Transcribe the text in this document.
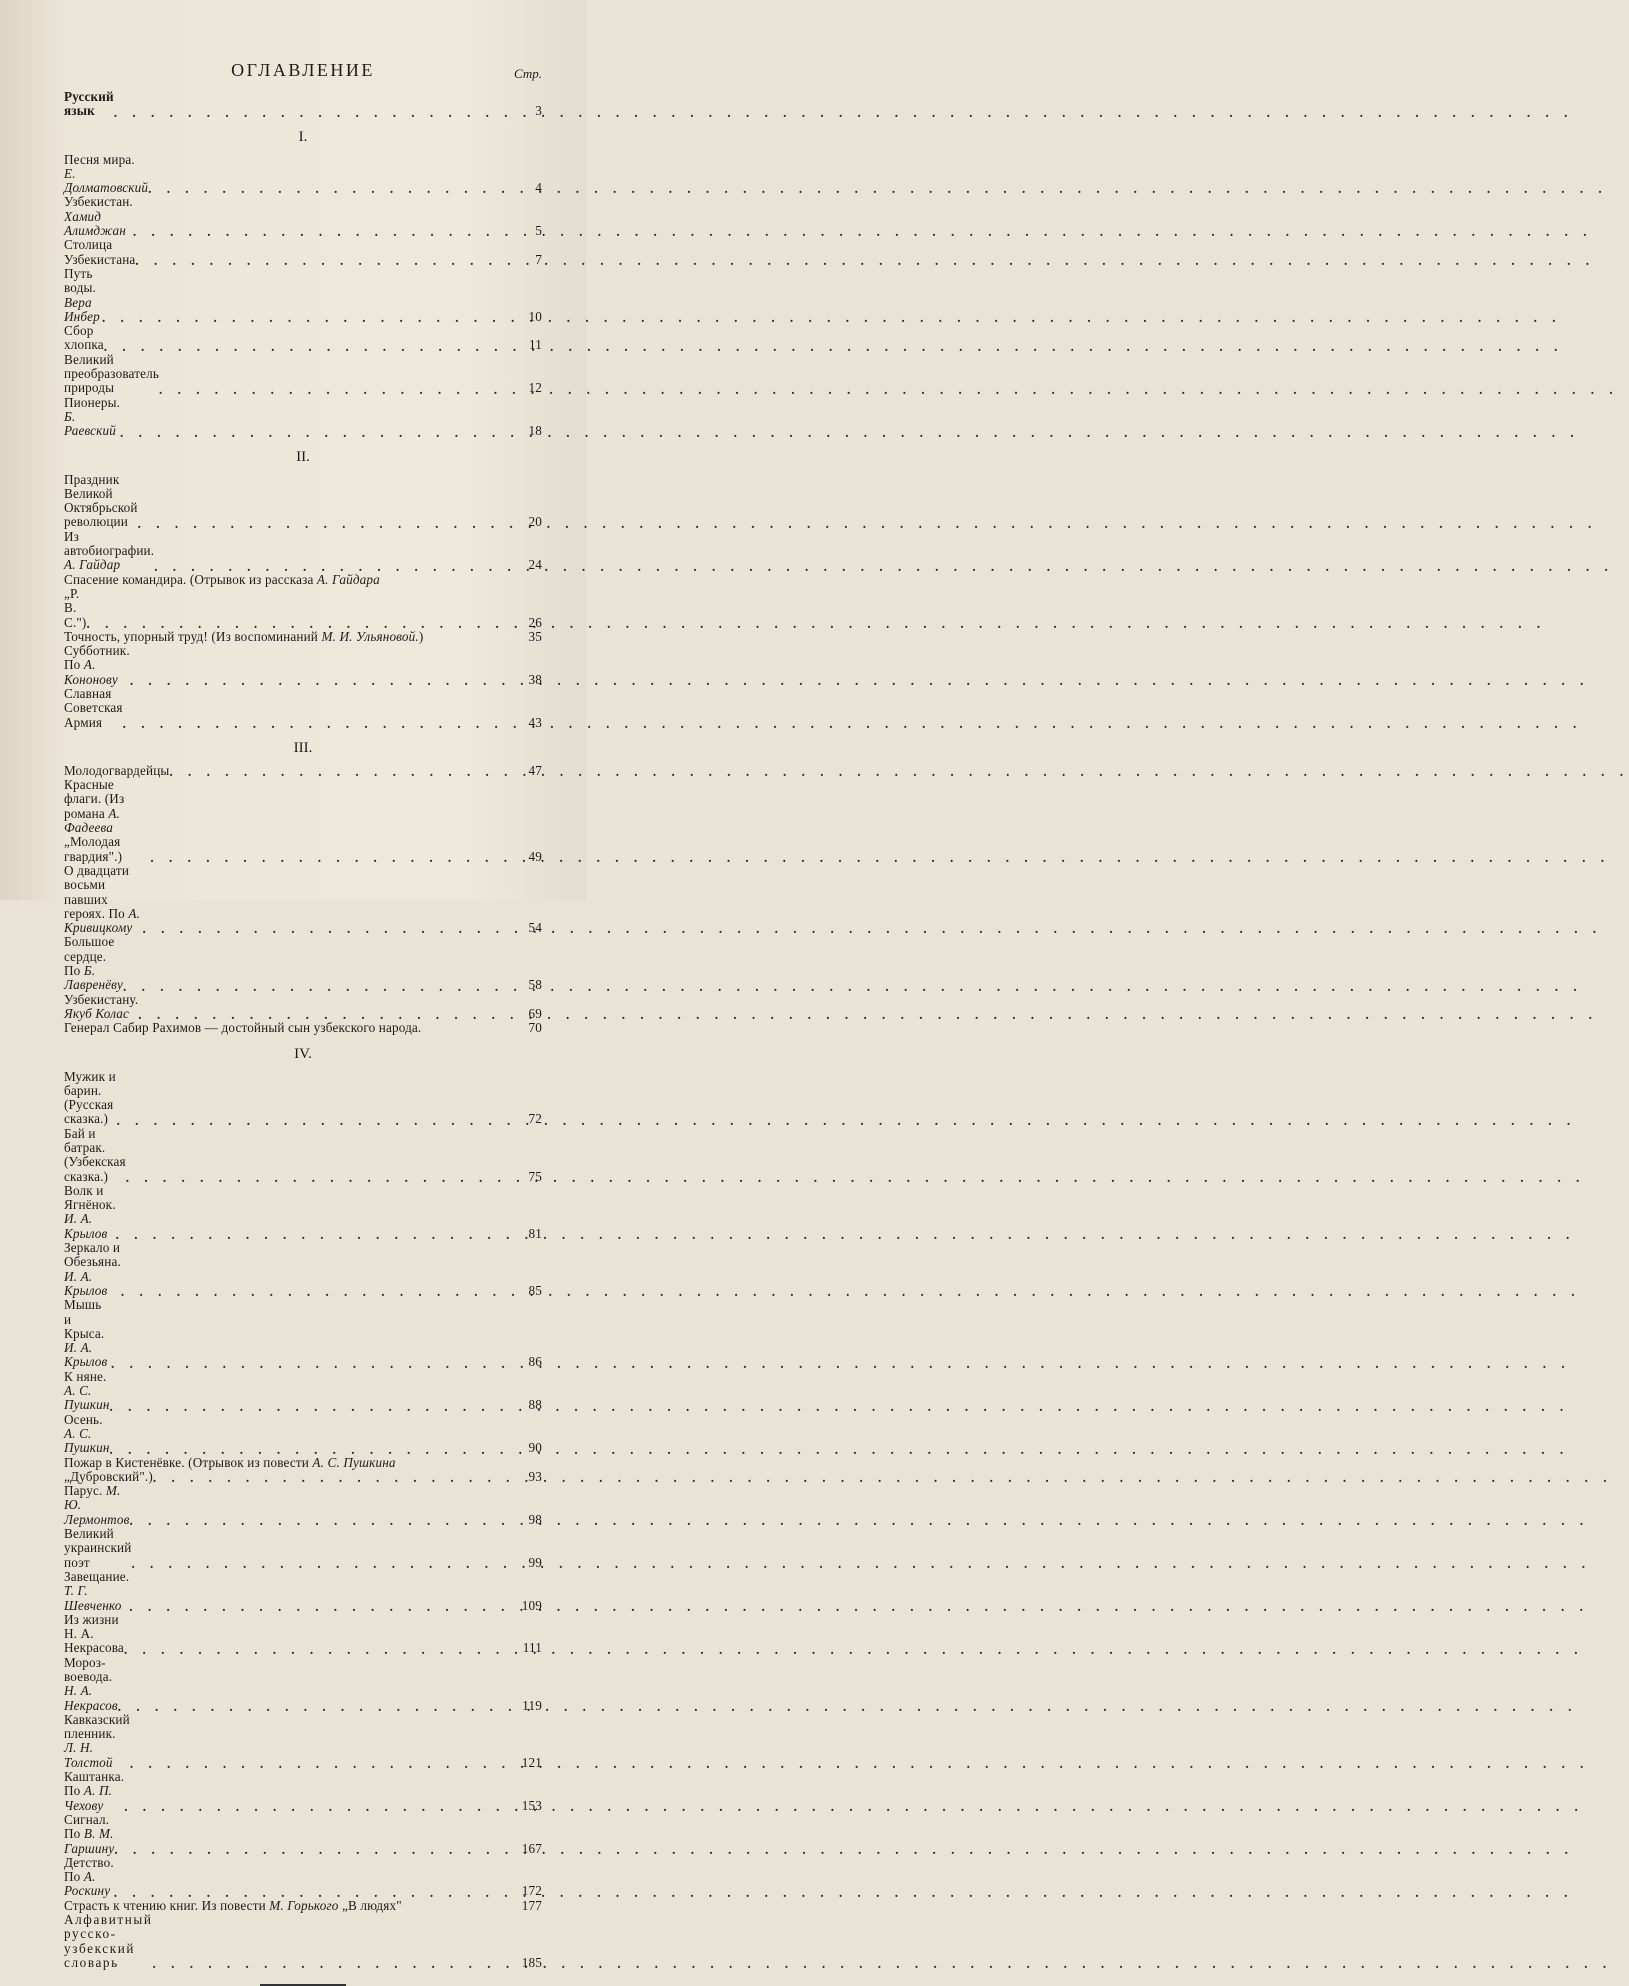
ОГЛАВЛЕНИЕ	Стр.
Русский язык . . .	3
I.
Песня мира. Е. Долматовский . . .	4
Узбекистан. Хамид Алимджан . . .	5
Столица Узбекистана . . .	7
Путь воды. Вера Инбер . . .	10
Сбор хлопка . . .	11
Великий преобразователь природы . . .	12
Пионеры. Б. Раевский . . .	18
II.
Праздник Великой Октябрьской революции . . .	20
Из автобиографии. А. Гайдар . . .	24
Спасение командира. (Отрывок из рассказа А. Гайдара
„Р. В. С.") . . .	26
Точность, упорный труд! (Из воспоминаний М. И. Ульяновой.)	35
Субботник. По А. Кононову . . .	38
Славная Советская Армия . . .	43
III.
Молодогвардейцы . . .	47
Красные флаги. (Из романа А. Фадеева „Молодая гвардия".) . . .	49
О двадцати восьми павших героях. По А. Кривицкому . . .	54
Большое сердце. По Б. Лавренёву . . .	58
Узбекистану. Якуб Колас . . .	69
Генерал Сабир Рахимов — достойный сын узбекского народа.	70
IV.
Мужик и барин. (Русская сказка.) . . .	72
Бай и батрак. (Узбекская сказка.) . . .	75
Волк и Ягнёнок. И. А. Крылов . . .	81
Зеркало и Обезьяна. И. А. Крылов . . .	85
Мышь и Крыса. И. А. Крылов . . .	86
К няне. А. С. Пушкин . . .	88
Осень. А. С. Пушкин . . .	90
Пожар в Кистенёвке. (Отрывок из повести А. С. Пушкина
„Дубровский".) . . .	93
Парус. М. Ю. Лермонтов . . .	98
Великий украинский поэт . . .	99
Завещание. Т. Г. Шевченко . . .	109
Из жизни Н. А. Некрасова . . .	111
Мороз-воевода. Н. А. Некрасов . . .	119
Кавказский пленник. Л. Н. Толстой . . .	121
Каштанка. По А. П. Чехову . . .	153
Сигнал. По В. М. Гаршину . . .	167
Детство. По А. Роскину . . .	172
Страсть к чтению книг. Из повести М. Горького „В людях"	177
Алфавитный русско-узбекский словарь . . .	185
